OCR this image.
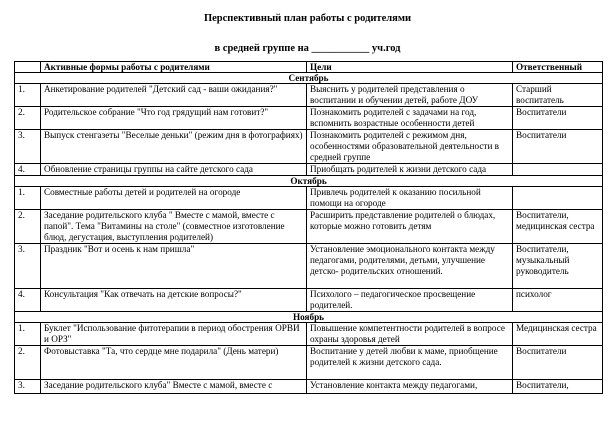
Перспективный план работы с родителями
в средней группе на ___________ уч.год
	Активные формы работы с родителями	Цели	Ответственный
Сентябрь			
1.	Анкетирование родителей "Детский сад - ваши ожидания?"	Выяснить у родителей представления о воспитании и обучении детей, работе ДОУ	Старший воспитатель
2.	Родительское собрание "Что год грядущий нам готовит?"	Познакомить родителей с задачами на год, вспомнить возрастные особенности детей	Воспитатели
3.	Выпуск стенгазеты "Веселые деньки" (режим дня в фотографиях)	Познакомить родителей с режимом дня, особенностями образовательной деятельности в средней группе	Воспитатели
4.	Обновление страницы группы на сайте детского сада	Приобщать родителей к жизни детского сада	
Октябрь			
1.	Совместные работы детей и родителей на огороде	Привлечь родителей к оказанию посильной помощи на огороде	
2.	Заседание родительского клуба " Вместе с мамой, вместе с папой". Тема "Витамины на столе" (совместное изготовление блюд, дегустация, выступления родителей)	Расширить представление родителей о блюдах, которые можно готовить детям	Воспитатели, медицинская сестра
3.	Праздник "Вот и осень к нам пришла"	Установление эмоционального контакта между педагогами, родителями, детьми, улучшение детско- родительских отношений.	Воспитатели, музыкальный руководитель
4.	Консультация "Как отвечать на детские вопросы?"	Психолого – педагогическое просвещение родителей.	психолог
Ноябрь			
1.	Буклет "Использование фитотерапии в период обострения ОРВИ и ОРЗ"	Повышение компетентности родителей в вопросе охраны здоровья детей	Медицинская сестра
2.	Фотовыставка "Та, что сердце мне подарила" (День матери)	Воспитание у детей любви к маме, приобщение родителей к жизни детского сада.	Воспитатели
3.	Заседание родительского клуба" Вместе с мамой, вместе с	Установление контакта между педагогами,	Воспитатели,
